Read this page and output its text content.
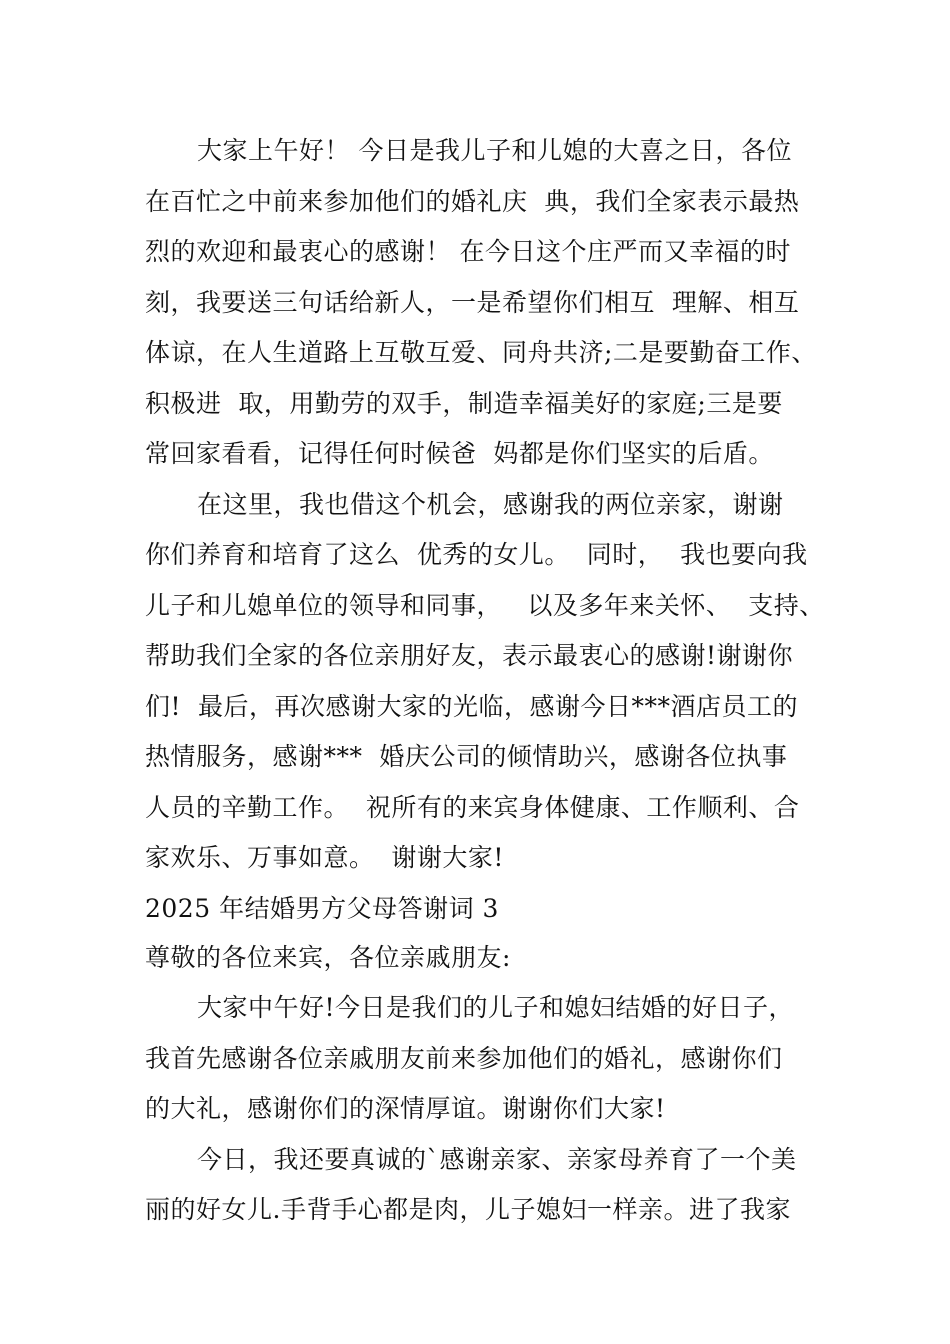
大家上午好！ 今日是我儿子和儿媳的大喜之日，各位
在百忙之中前来参加他们的婚礼庆  典，我们全家表示最热
烈的欢迎和最衷心的感谢！ 在今日这个庄严而又幸福的时
刻，我要送三句话给新人，一是希望你们相互  理解、相互
体谅，在人生道路上互敬互爱、同舟共济;二是要勤奋工作、
积极进  取，用勤劳的双手，制造幸福美好的家庭;三是要
常回家看看，记得任何时候爸  妈都是你们坚实的后盾。
在这里，我也借这个机会，感谢我的两位亲家，谢谢
你们养育和培育了这么  优秀的女儿。  同时，  我也要向我
儿子和儿媳单位的领导和同事，   以及多年来关怀、  支持、
帮助我们全家的各位亲朋好友，表示最衷心的感谢!谢谢你
们!  最后，再次感谢大家的光临，感谢今日***酒店员工的
热情服务，感谢***  婚庆公司的倾情助兴，感谢各位执事
人员的辛勤工作。  祝所有的来宾身体健康、工作顺利、合
家欢乐、万事如意。  谢谢大家!
2025 年结婚男方父母答谢词 3
尊敬的各位来宾，各位亲戚朋友:
大家中午好!今日是我们的儿子和媳妇结婚的好日子，
我首先感谢各位亲戚朋友前来参加他们的婚礼，感谢你们
的大礼，感谢你们的深情厚谊。谢谢你们大家!
今日，我还要真诚的`感谢亲家、亲家母养育了一个美
丽的好女儿.手背手心都是肉，儿子媳妇一样亲。进了我家
